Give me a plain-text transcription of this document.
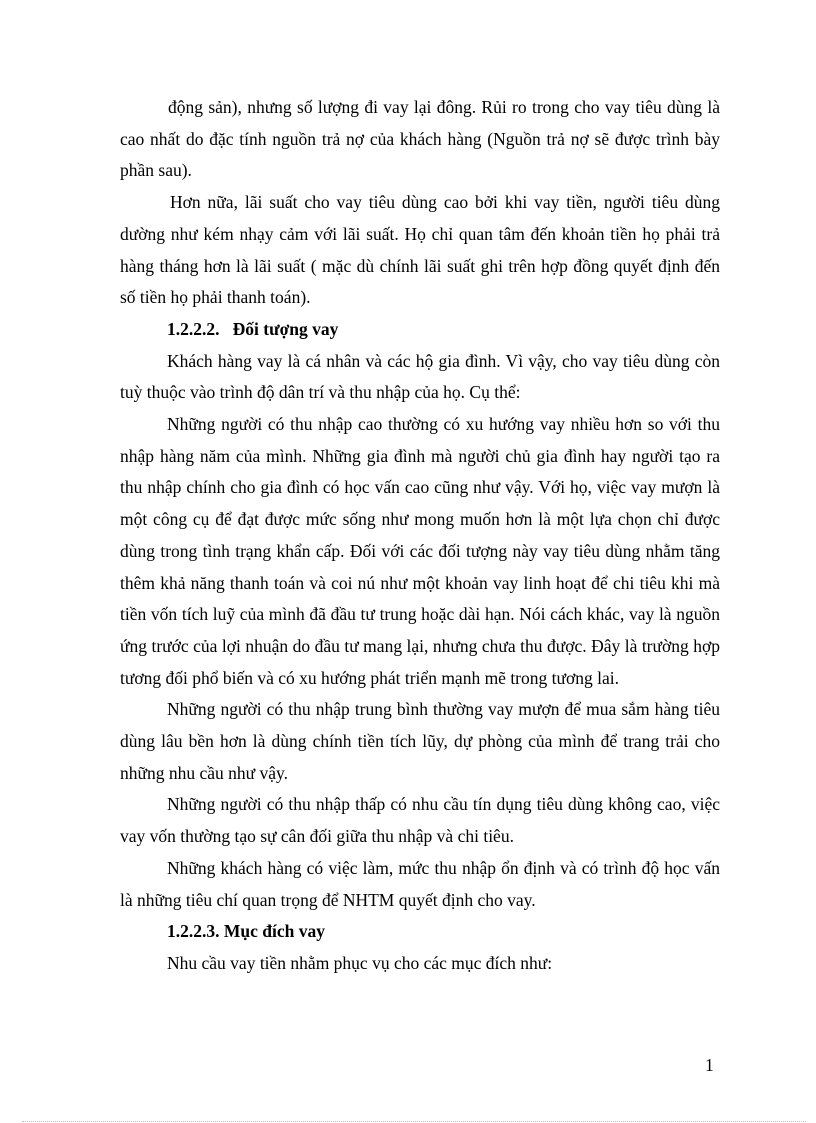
động sản), nhưng số lượng đi vay lại đông. Rủi ro trong cho vay tiêu dùng là cao nhất do đặc tính nguồn trả nợ của khách hàng (Nguồn trả nợ sẽ được trình bày phần sau).

Hơn nữa, lãi suất cho vay tiêu dùng cao bởi khi vay tiền, người tiêu dùng dường như kém nhạy cảm với lãi suất. Họ chỉ quan tâm đến khoản tiền họ phải trả hàng tháng hơn là lãi suất ( mặc dù chính lãi suất ghi trên hợp đồng quyết định đến số tiền họ phải thanh toán).

1.2.2.2.   Đối tượng vay

Khách hàng vay là cá nhân và các hộ gia đình. Vì vậy, cho vay tiêu dùng còn tuỳ thuộc vào trình độ dân trí và thu nhập của họ. Cụ thể:

Những người có thu nhập cao thường có xu hướng vay nhiều hơn so với thu nhập hàng năm của mình. Những gia đình mà người chủ gia đình hay người tạo ra thu nhập chính cho gia đình có học vấn cao cũng như vậy. Với họ, việc vay mượn là một công cụ để đạt được mức sống như mong muốn hơn là một lựa chọn chỉ được dùng trong tình trạng khẩn cấp. Đối với các đối tượng này vay tiêu dùng nhằm tăng thêm khả năng thanh toán và coi nú như một khoản vay linh hoạt để chi tiêu khi mà tiền vốn tích luỹ của mình đã đầu tư trung hoặc dài hạn. Nói cách khác, vay là nguồn ứng trước của lợi nhuận do đầu tư mang lại, nhưng chưa thu được. Đây là trường hợp tương đối phổ biến và có xu hướng phát triển mạnh mẽ trong tương lai.

Những người có thu nhập trung bình thường vay mượn để mua sắm hàng tiêu dùng lâu bền hơn là dùng chính tiền tích lũy, dự phòng của mình để trang trải cho những nhu cầu như vậy.

Những người có thu nhập thấp có nhu cầu tín dụng tiêu dùng không cao, việc vay vốn thường tạo sự cân đối giữa thu nhập và chi tiêu.

Những khách hàng có việc làm, mức thu nhập ổn định và có trình độ học vấn là những tiêu chí quan trọng để NHTM quyết định cho vay.

1.2.2.3. Mục đích vay

Nhu cầu vay tiền nhằm phục vụ cho các mục đích như:

1
